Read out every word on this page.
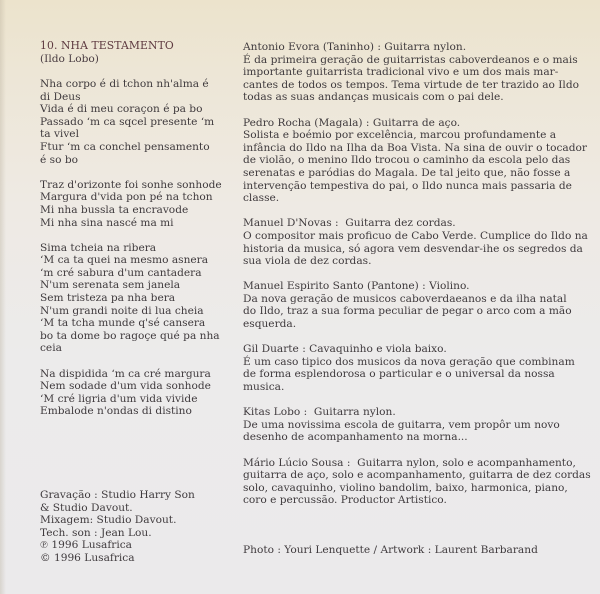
10. NHA TESTAMENTO

(Ildo Lobo)

Nha corpo é di tchon nh'alma é

di Deus

Vida é di meu coraçon é pa bo

Passado ‘m ca sqcel presente ‘m

ta vivel

Ftur ‘m ca conchel pensamento

é so bo

Traz d'orizonte foi sonhe sonhode

Margura d'vida pon pé na tchon

Mi nha bussla ta encravode

Mi nha sina nascé ma mi

Sima tcheia na ribera

‘M ca ta quei na mesmo asnera

‘m cré sabura d'um cantadera

N'um serenata sem janela

Sem tristeza pa nha bera

N'um grandi noite di lua cheia

‘M ta tcha munde q'sé cansera

bo ta dome bo ragoçe qué pa nha

ceia

Na dispidida ‘m ca cré margura

Nem sodade d'um vida sonhode

‘M cré ligria d'um vida vivide

Embalode n'ondas di distino

Gravação : Studio Harry Son

& Studio Davout.

Mixagem: Studio Davout.

Tech. son : Jean Lou.

℗ 1996 Lusafrica

© 1996 Lusafrica

Antonio Evora (Taninho) : Guitarra nylon.

É da primeira geração de guitarristas caboverdeanos e o mais

importante guitarrista tradicional vivo e um dos mais mar-

cantes de todos os tempos. Tema virtude de ter trazido ao Ildo

todas as suas andanças musicais com o pai dele.

Pedro Rocha (Magala) : Guitarra de aço.

Solista e boémio por excelência, marcou profundamente a

infância do Ildo na Ilha da Boa Vista. Na sina de ouvir o tocador

de violão, o menino Ildo trocou o caminho da escola pelo das

serenatas e paródias do Magala. De tal jeito que, não fosse a

intervenção tempestiva do pai, o Ildo nunca mais passaria de

classe.

Manuel D'Novas :  Guitarra dez cordas.

O compositor mais proficuo de Cabo Verde. Cumplice do Ildo na

historia da musica, só agora vem desvendar-ihe os segredos da

sua viola de dez cordas.

Manuel Espirito Santo (Pantone) : Violino.

Da nova geração de musicos caboverdaeanos e da ilha natal

do Ildo, traz a sua forma peculiar de pegar o arco com a mão

esquerda.

Gil Duarte : Cavaquinho e viola baixo.

É um caso tipico dos musicos da nova geração que combinam

de forma esplendorosa o particular e o universal da nossa

musica.

Kitas Lobo :  Guitarra nylon.

De uma novissima escola de guitarra, vem propôr um novo

desenho de acompanhamento na morna...

Mário Lúcio Sousa :  Guitarra nylon, solo e acompanhamento,

guitarra de aço, solo e acompanhamento, guitarra de dez cordas

solo, cavaquinho, violino bandolim, baixo, harmonica, piano,

coro e percussão. Productor Artistico.

Photo : Youri Lenquette / Artwork : Laurent Barbarand
